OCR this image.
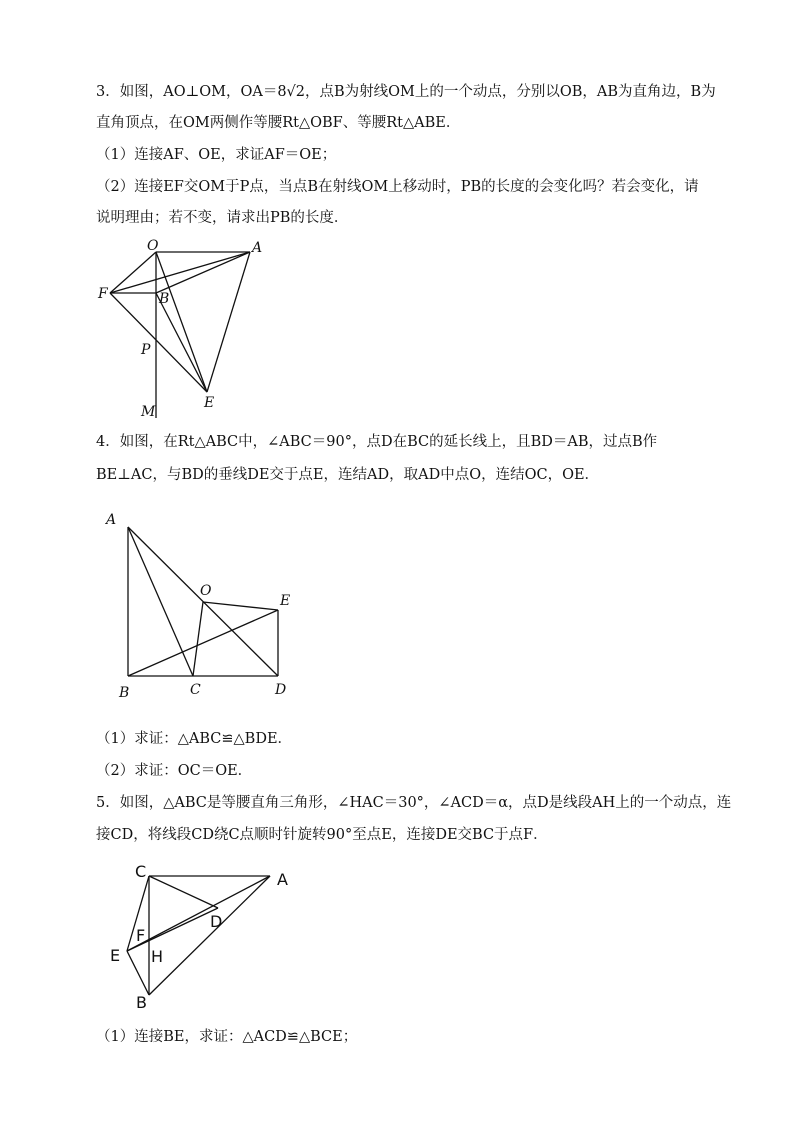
3．如图，AO⊥OM，OA＝8√2，点B为射线OM上的一个动点，分别以OB，AB为直角边，B为
直角顶点，在OM两侧作等腰Rt△OBF、等腰Rt△ABE．
（1）连接AF、OE，求证AF＝OE；
（2）连接EF交OM于P点，当点B在射线OM上移动时，PB的长度的会变化吗？若会变化，请
说明理由；若不变，请求出PB的长度．
O	A
F	B
P
M
E
4．如图，在Rt△ABC中，∠ABC＝90°，点D在BC的延长线上，且BD＝AB，过点B作
BE⊥AC，与BD的垂线DE交于点E，连结AD，取AD中点O，连结OC，OE．
A
O
E
B	C	D
（1）求证：△ABC≌△BDE．
（2）求证：OC＝OE．
5．如图，△ABC是等腰直角三角形，∠HAC＝30°，∠ACD＝α，点D是线段AH上的一个动点，连
接CD，将线段CD绕C点顺时针旋转90°至点E，连接DE交BC于点F．
C	A
D
F
E H
B
（1）连接BE，求证：△ACD≌△BCE；
